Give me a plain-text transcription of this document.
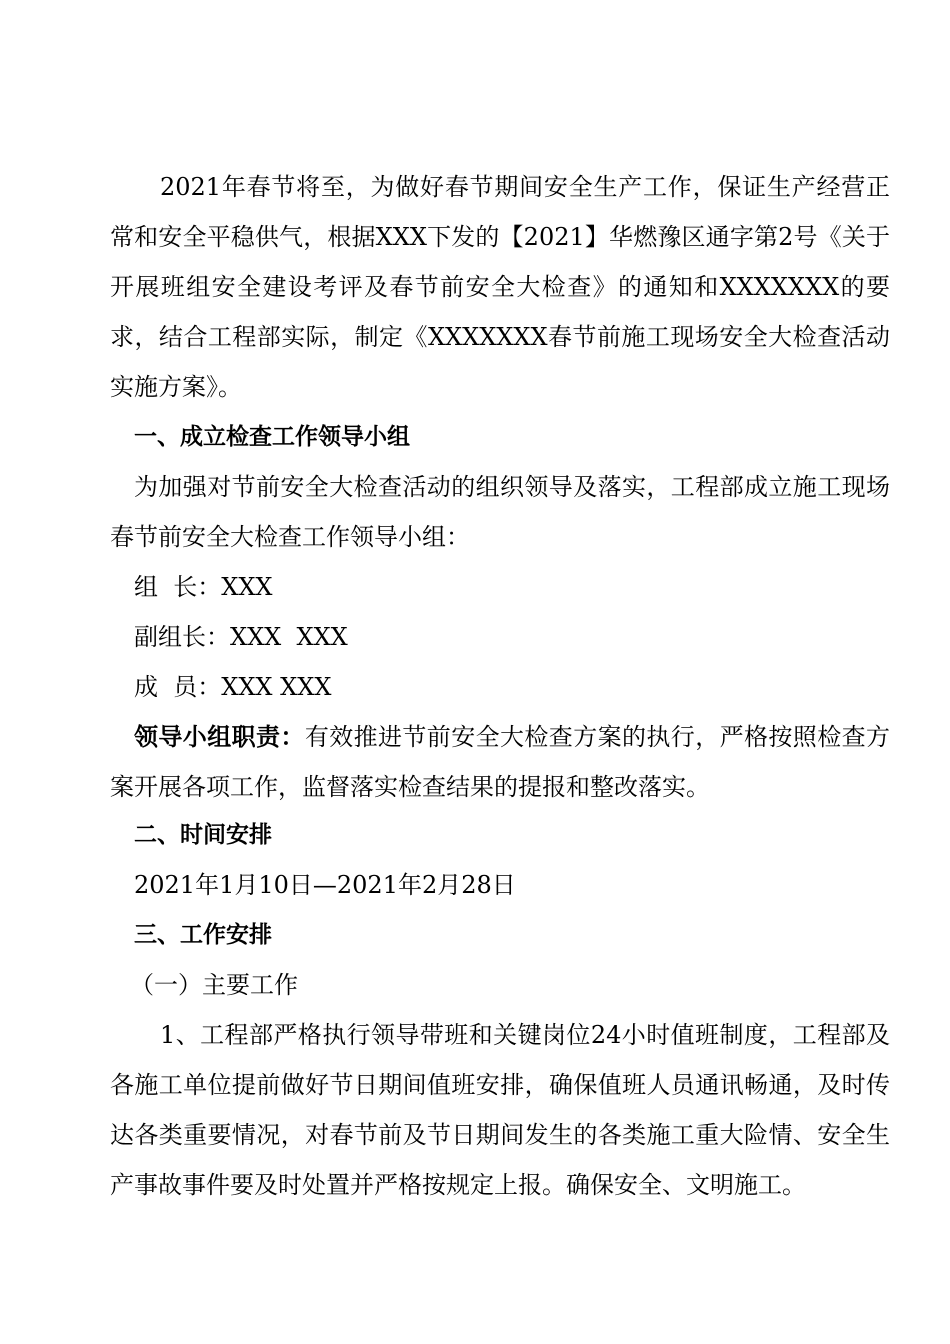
2021年春节将至，为做好春节期间安全生产工作，保证生产经营正常和安全平稳供气，根据XXX下发的【2021】华燃豫区通字第2号《关于开展班组安全建设考评及春节前安全大检查》的通知和XXXXXXX的要求，结合工程部实际，制定《XXXXXXX春节前施工现场安全大检查活动实施方案》。

一、成立检查工作领导小组

为加强对节前安全大检查活动的组织领导及落实，工程部成立施工现场春节前安全大检查工作领导小组：

组  长：XXX

副组长：XXX  XXX

成  员：XXX XXX

领导小组职责：有效推进节前安全大检查方案的执行，严格按照检查方案开展各项工作，监督落实检查结果的提报和整改落实。

二、时间安排

2021年1月10日—2021年2月28日

三、工作安排

（一）主要工作

1、工程部严格执行领导带班和关键岗位24小时值班制度，工程部及各施工单位提前做好节日期间值班安排，确保值班人员通讯畅通，及时传达各类重要情况，对春节前及节日期间发生的各类施工重大险情、安全生产事故事件要及时处置并严格按规定上报。确保安全、文明施工。
